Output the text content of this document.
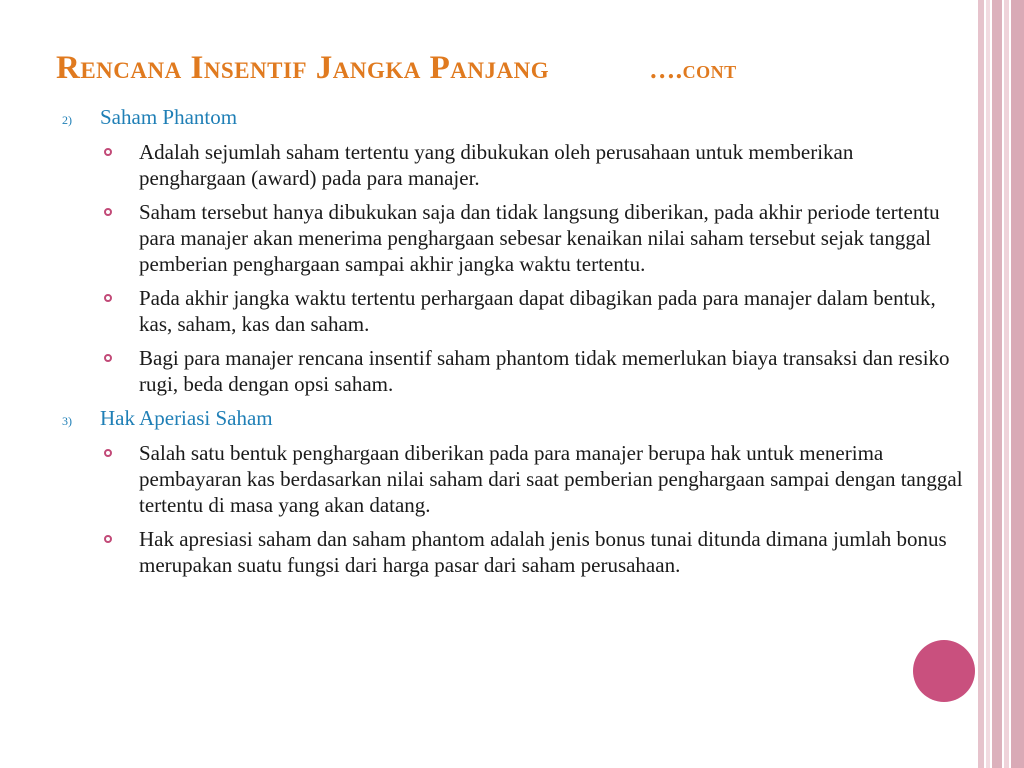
Rencana Insentif Jangka Panjang	….cont
2)	Saham Phantom
Adalah sejumlah saham tertentu yang dibukukan oleh perusahaan untuk memberikan penghargaan (award) pada para manajer.
Saham tersebut hanya dibukukan saja dan tidak langsung diberikan, pada akhir periode tertentu para manajer akan menerima penghargaan sebesar kenaikan nilai saham tersebut sejak tanggal pemberian penghargaan sampai akhir jangka waktu tertentu.
Pada akhir jangka waktu tertentu perhargaan dapat dibagikan pada para manajer dalam bentuk, kas, saham, kas dan saham.
Bagi para manajer rencana insentif saham phantom tidak memerlukan biaya transaksi dan resiko rugi, beda dengan opsi saham.
3)	Hak Aperiasi Saham
Salah satu bentuk penghargaan diberikan pada para manajer berupa hak untuk menerima pembayaran kas berdasarkan nilai saham dari saat pemberian penghargaan sampai dengan tanggal tertentu di masa yang akan datang.
Hak apresiasi saham dan saham phantom adalah jenis bonus tunai ditunda dimana jumlah bonus merupakan suatu fungsi dari harga pasar dari saham perusahaan.
